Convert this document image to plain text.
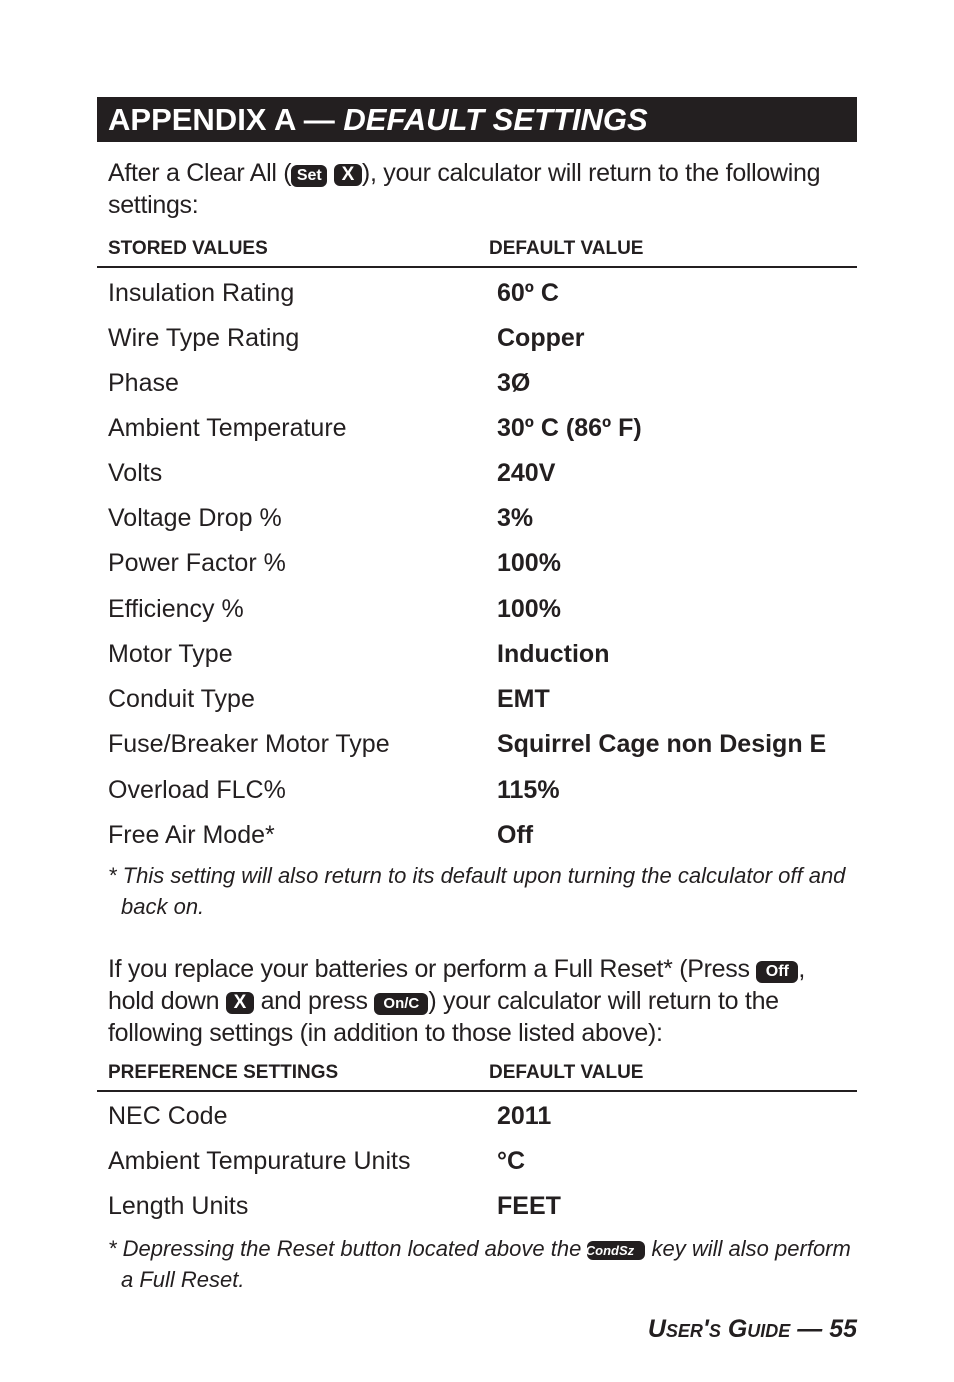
APPENDIX A — DEFAULT SETTINGS
After a Clear All ( Set X ), your calculator will return to the following settings:
STORED VALUES	DEFAULT VALUE
Insulation Rating	60º C
Wire Type Rating	Copper
Phase	3Ø
Ambient Temperature	30º C (86º F)
Volts	240V
Voltage Drop %	3%
Power Factor %	100%
Efficiency %	100%
Motor Type	Induction
Conduit Type	EMT
Fuse/Breaker Motor Type	Squirrel Cage non Design E
Overload FLC%	115%
Free Air Mode*	Off
* This setting will also return to its default upon turning the calculator off and back on.
If you replace your batteries or perform a Full Reset* (Press Off , hold down X and press On/C ) your calculator will return to the following settings (in addition to those listed above):
PREFERENCE SETTINGS	DEFAULT VALUE
NEC Code	2011
Ambient Tempurature Units	°C
Length Units	FEET
* Depressing the Reset button located above the CondSz key will also perform a Full Reset.
User's Guide — 55
